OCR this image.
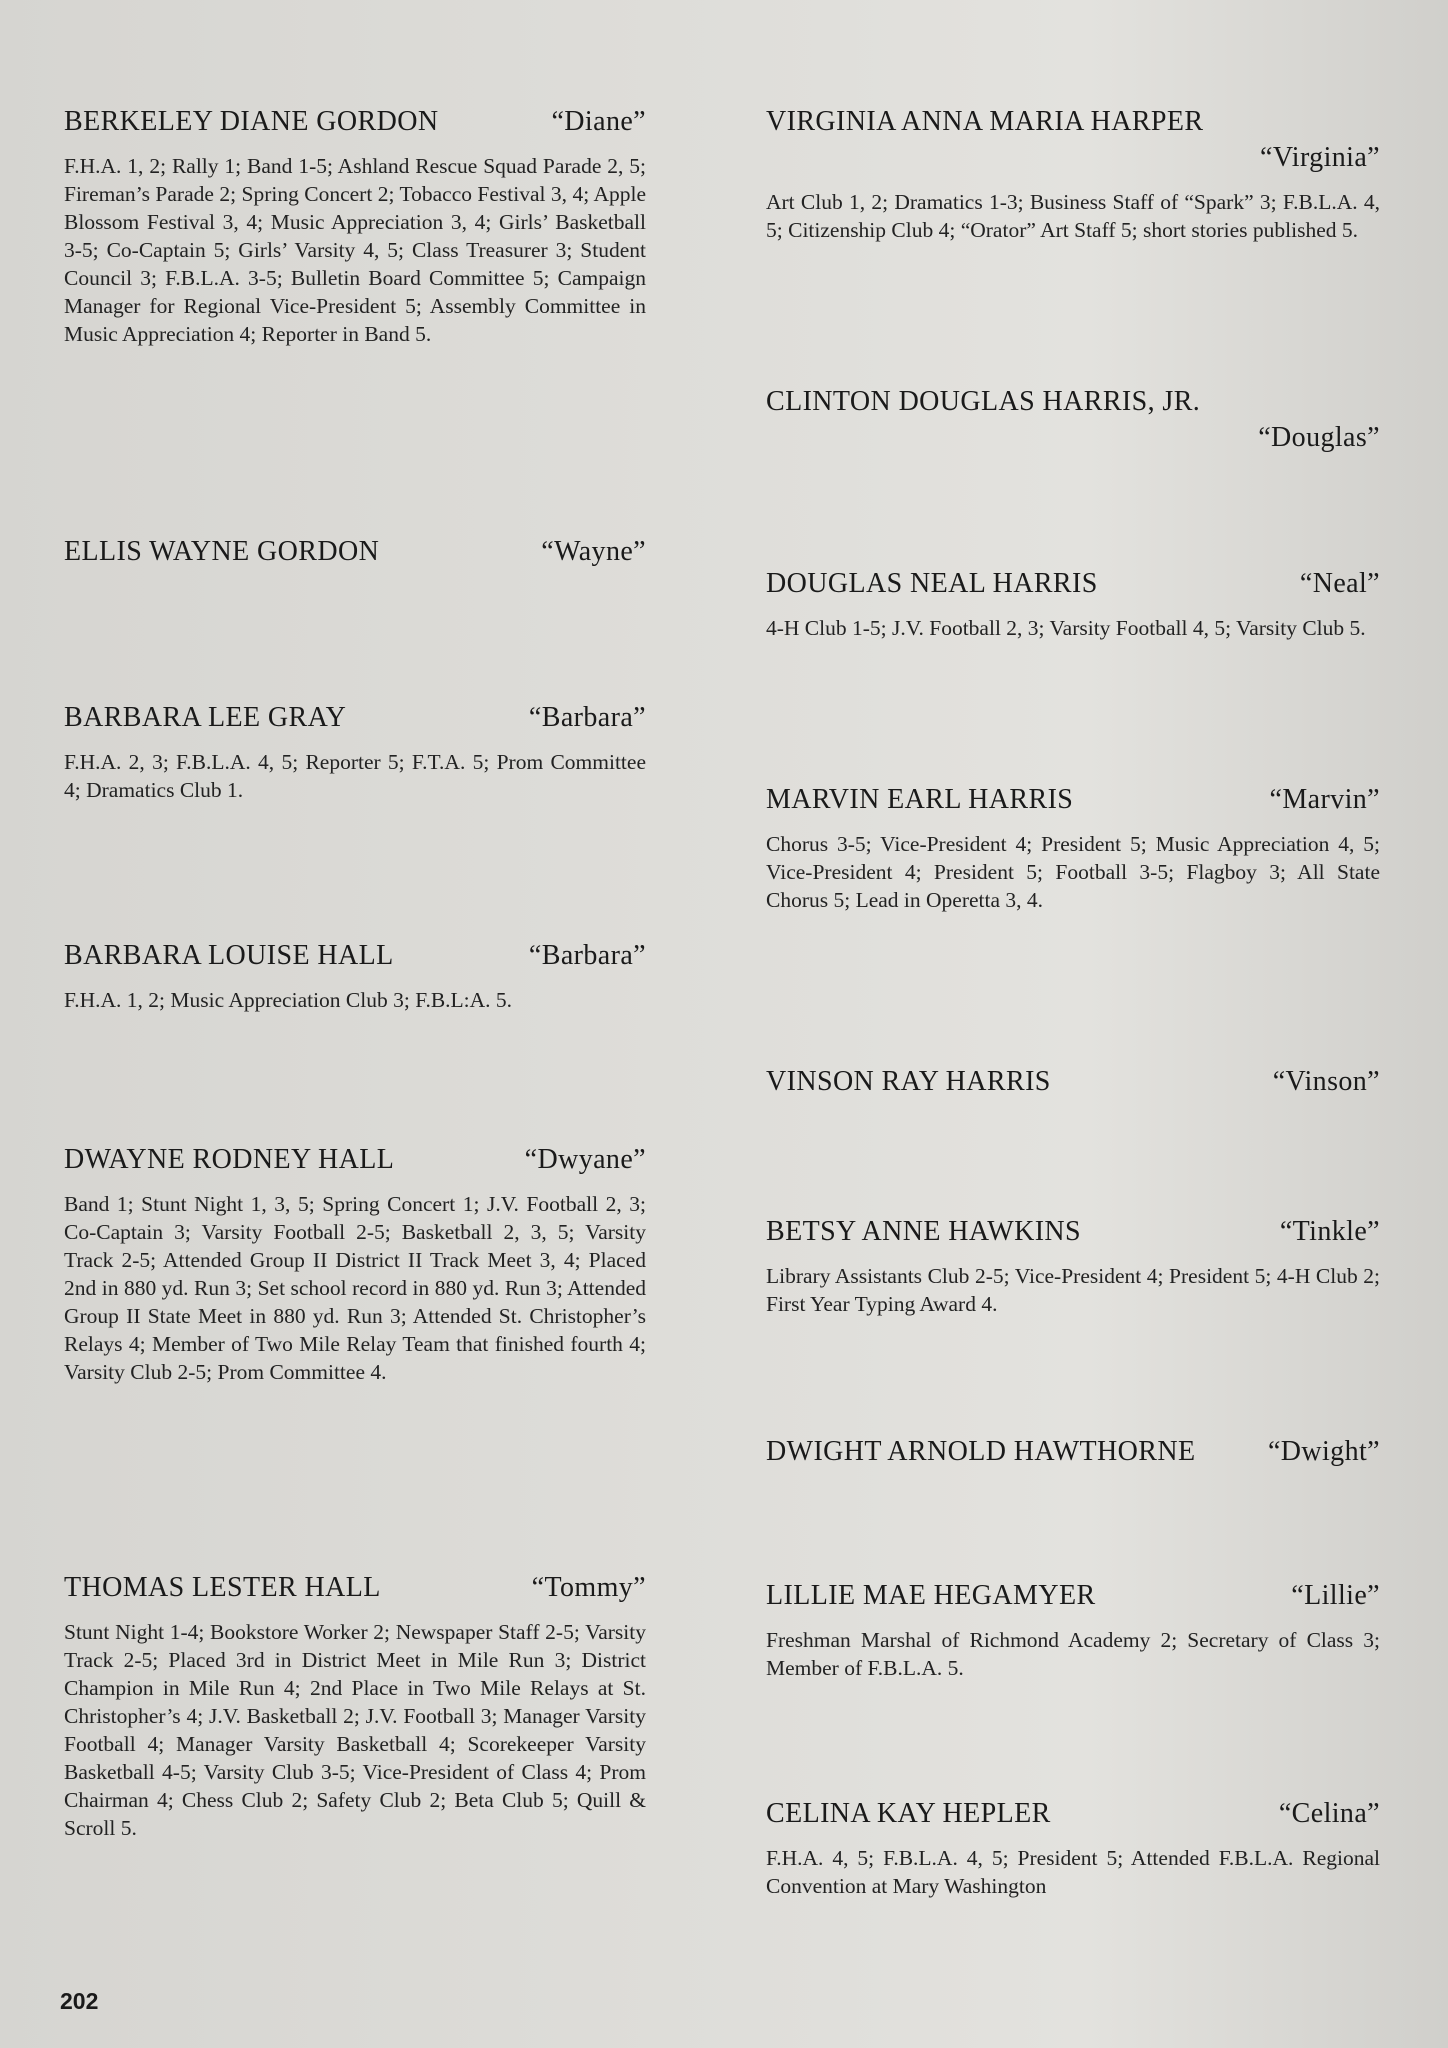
BERKELEY DIANE GORDON	“Diane”
F.H.A. 1, 2; Rally 1; Band 1-5; Ashland Rescue Squad Parade 2, 5; Fireman’s Parade 2; Spring Concert 2; Tobacco Festival 3, 4; Apple Blossom Festival 3, 4; Music Appreciation 3, 4; Girls’ Basketball 3-5; Co-Captain 5; Girls’ Varsity 4, 5; Class Treasurer 3; Student Council 3; F.B.L.A. 3-5; Bulletin Board Committee 5; Campaign Manager for Regional Vice-President 5; Assembly Committee in Music Appreciation 4; Reporter in Band 5.
ELLIS WAYNE GORDON	“Wayne”
BARBARA LEE GRAY	“Barbara”
F.H.A. 2, 3; F.B.L.A. 4, 5; Reporter 5; F.T.A. 5; Prom Committee 4; Dramatics Club 1.
BARBARA LOUISE HALL	“Barbara”
F.H.A. 1, 2; Music Appreciation Club 3; F.B.L:A. 5.
DWAYNE RODNEY HALL	“Dwyane”
Band 1; Stunt Night 1, 3, 5; Spring Concert 1; J.V. Football 2, 3; Co-Captain 3; Varsity Football 2-5; Basketball 2, 3, 5; Varsity Track 2-5; Attended Group II District II Track Meet 3, 4; Placed 2nd in 880 yd. Run 3; Set school record in 880 yd. Run 3; Attended Group II State Meet in 880 yd. Run 3; Attended St. Christopher’s Relays 4; Member of Two Mile Relay Team that finished fourth 4; Varsity Club 2-5; Prom Committee 4.
THOMAS LESTER HALL	“Tommy”
Stunt Night 1-4; Bookstore Worker 2; Newspaper Staff 2-5; Varsity Track 2-5; Placed 3rd in District Meet in Mile Run 3; District Champion in Mile Run 4; 2nd Place in Two Mile Relays at St. Christopher’s 4; J.V. Basketball 2; J.V. Football 3; Manager Varsity Football 4; Manager Varsity Basketball 4; Scorekeeper Varsity Basketball 4-5; Varsity Club 3-5; Vice-President of Class 4; Prom Chairman 4; Chess Club 2; Safety Club 2; Beta Club 5; Quill & Scroll 5.
VIRGINIA ANNA MARIA HARPER
“Virginia”
Art Club 1, 2; Dramatics 1-3; Business Staff of “Spark” 3; F.B.L.A. 4, 5; Citizenship Club 4; “Orator” Art Staff 5; short stories published 5.
CLINTON DOUGLAS HARRIS, JR.
“Douglas”
DOUGLAS NEAL HARRIS	“Neal”
4-H Club 1-5; J.V. Football 2, 3; Varsity Football 4, 5; Varsity Club 5.
MARVIN EARL HARRIS	“Marvin”
Chorus 3-5; Vice-President 4; President 5; Music Appreciation 4, 5; Vice-President 4; President 5; Football 3-5; Flagboy 3; All State Chorus 5; Lead in Operetta 3, 4.
VINSON RAY HARRIS	“Vinson”
BETSY ANNE HAWKINS	“Tinkle”
Library Assistants Club 2-5; Vice-President 4; President 5; 4-H Club 2; First Year Typing Award 4.
DWIGHT ARNOLD HAWTHORNE	“Dwight”
LILLIE MAE HEGAMYER	“Lillie”
Freshman Marshal of Richmond Academy 2; Secretary of Class 3; Member of F.B.L.A. 5.
CELINA KAY HEPLER	“Celina”
F.H.A. 4, 5; F.B.L.A. 4, 5; President 5; Attended F.B.L.A. Regional Convention at Mary Washington
202
